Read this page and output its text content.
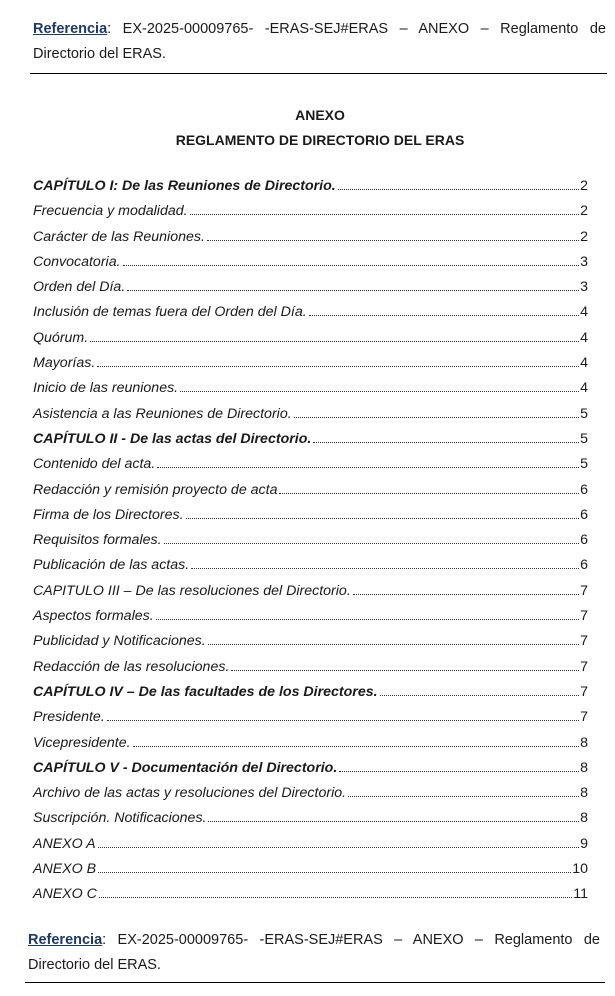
Referencia: EX-2025-00009765- -ERAS-SEJ#ERAS – ANEXO – Reglamento de Directorio del ERAS.
ANEXO
REGLAMENTO DE DIRECTORIO DEL ERAS
CAPÍTULO I: De las Reuniones de Directorio.	2
Frecuencia y modalidad.	2
Carácter de las Reuniones.	2
Convocatoria.	3
Orden del Día.	3
Inclusión de temas fuera del Orden del Día.	4
Quórum.	4
Mayorías.	4
Inicio de las reuniones.	4
Asistencia a las Reuniones de Directorio.	5
CAPÍTULO II - De las actas del Directorio.	5
Contenido del acta.	5
Redacción y remisión proyecto de acta	6
Firma de los Directores.	6
Requisitos formales.	6
Publicación de las actas.	6
CAPITULO III – De las resoluciones del Directorio.	7
Aspectos formales.	7
Publicidad y Notificaciones.	7
Redacción de las resoluciones.	7
CAPÍTULO IV – De las facultades de los Directores.	7
Presidente.	7
Vicepresidente.	8
CAPÍTULO V - Documentación del Directorio.	8
Archivo de las actas y resoluciones del Directorio.	8
Suscripción. Notificaciones.	8
ANEXO A	9
ANEXO B	10
ANEXO C	11
Referencia: EX-2025-00009765- -ERAS-SEJ#ERAS – ANEXO – Reglamento de Directorio del ERAS.
